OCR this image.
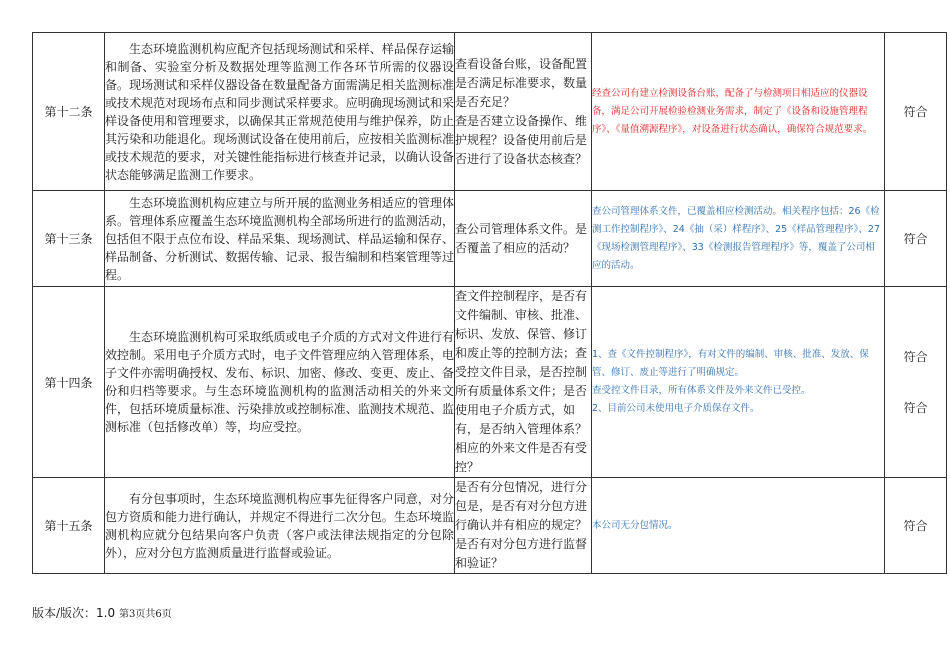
第十二条	生态环境监测机构应配齐包括现场测试和采样、样品保存运输和制备、实验室分析及数据处理等监测工作各环节所需的仪器设备。现场测试和采样仪器设备在数量配备方面需满足相关监测标准或技术规范对现场布点和同步测试采样要求。应明确现场测试和采样设备使用和管理要求，以确保其正常规范使用与维护保养，防止其污染和功能退化。现场测试设备在使用前后，应按相关监测标准或技术规范的要求，对关键性能指标进行核查并记录，以确认设备状态能够满足监测工作要求。	查看设备台账，设备配置是否满足标准要求，数量是否充足？
查是否建立设备操作、维护规程？设备使用前后是否进行了设备状态核查？	经查公司有建立检测设备台账，配备了与检测项目相适应的仪器设备，满足公司开展检验检测业务需求，制定了《设备和设施管理程序》、《量值溯源程序》，对设备进行状态确认，确保符合规范要求。	符合

第十三条	生态环境监测机构应建立与所开展的监测业务相适应的管理体系。管理体系应覆盖生态环境监测机构全部场所进行的监测活动，包括但不限于点位布设、样品采集、现场测试、样品运输和保存、样品制备、分析测试、数据传输、记录、报告编制和档案管理等过程。	查公司管理体系文件。是否覆盖了相应的活动？	查公司管理体系文件，已覆盖相应检测活动。相关程序包括：26《检测工作控制程序》、24《抽（采）样程序》、25《样品管理程序》、27《现场检测管理程序》、33《检测报告管理程序》等，覆盖了公司相应的活动。	符合

第十四条	生态环境监测机构可采取纸质或电子介质的方式对文件进行有效控制。采用电子介质方式时，电子文件管理应纳入管理体系，电子文件亦需明确授权、发布、标识、加密、修改、变更、废止、备份和归档等要求。与生态环境监测机构的监测活动相关的外来文件，包括环境质量标准、污染排放或控制标准、监测技术规范、监测标准（包括修改单）等，均应受控。	查文件控制程序，是否有文件编制、审核、批准、标识、发放、保管、修订和废止等的控制方法；查受控文件目录，是否控制所有质量体系文件；是否使用电子介质方式，如有，是否纳入管理体系？相应的外来文件是否有受控？	1、查《文件控制程序》，有对文件的编制、审核、批准、发放、保管、修订、废止等进行了明确规定。
查受控文件目录，所有体系文件及外来文件已受控。
2、目前公司未使用电子介质保存文件。	符合
符合

第十五条	有分包事项时，生态环境监测机构应事先征得客户同意，对分包方资质和能力进行确认，并规定不得进行二次分包。生态环境监测机构应就分包结果向客户负责（客户或法律法规指定的分包除外），应对分包方监测质量进行监督或验证。	是否有分包情况，进行分包是，是否有对分包方进行确认并有相应的规定？是否有对分包方进行监督和验证？	本公司无分包情况。	符合
版本/版次：1.0 第3页共6页
